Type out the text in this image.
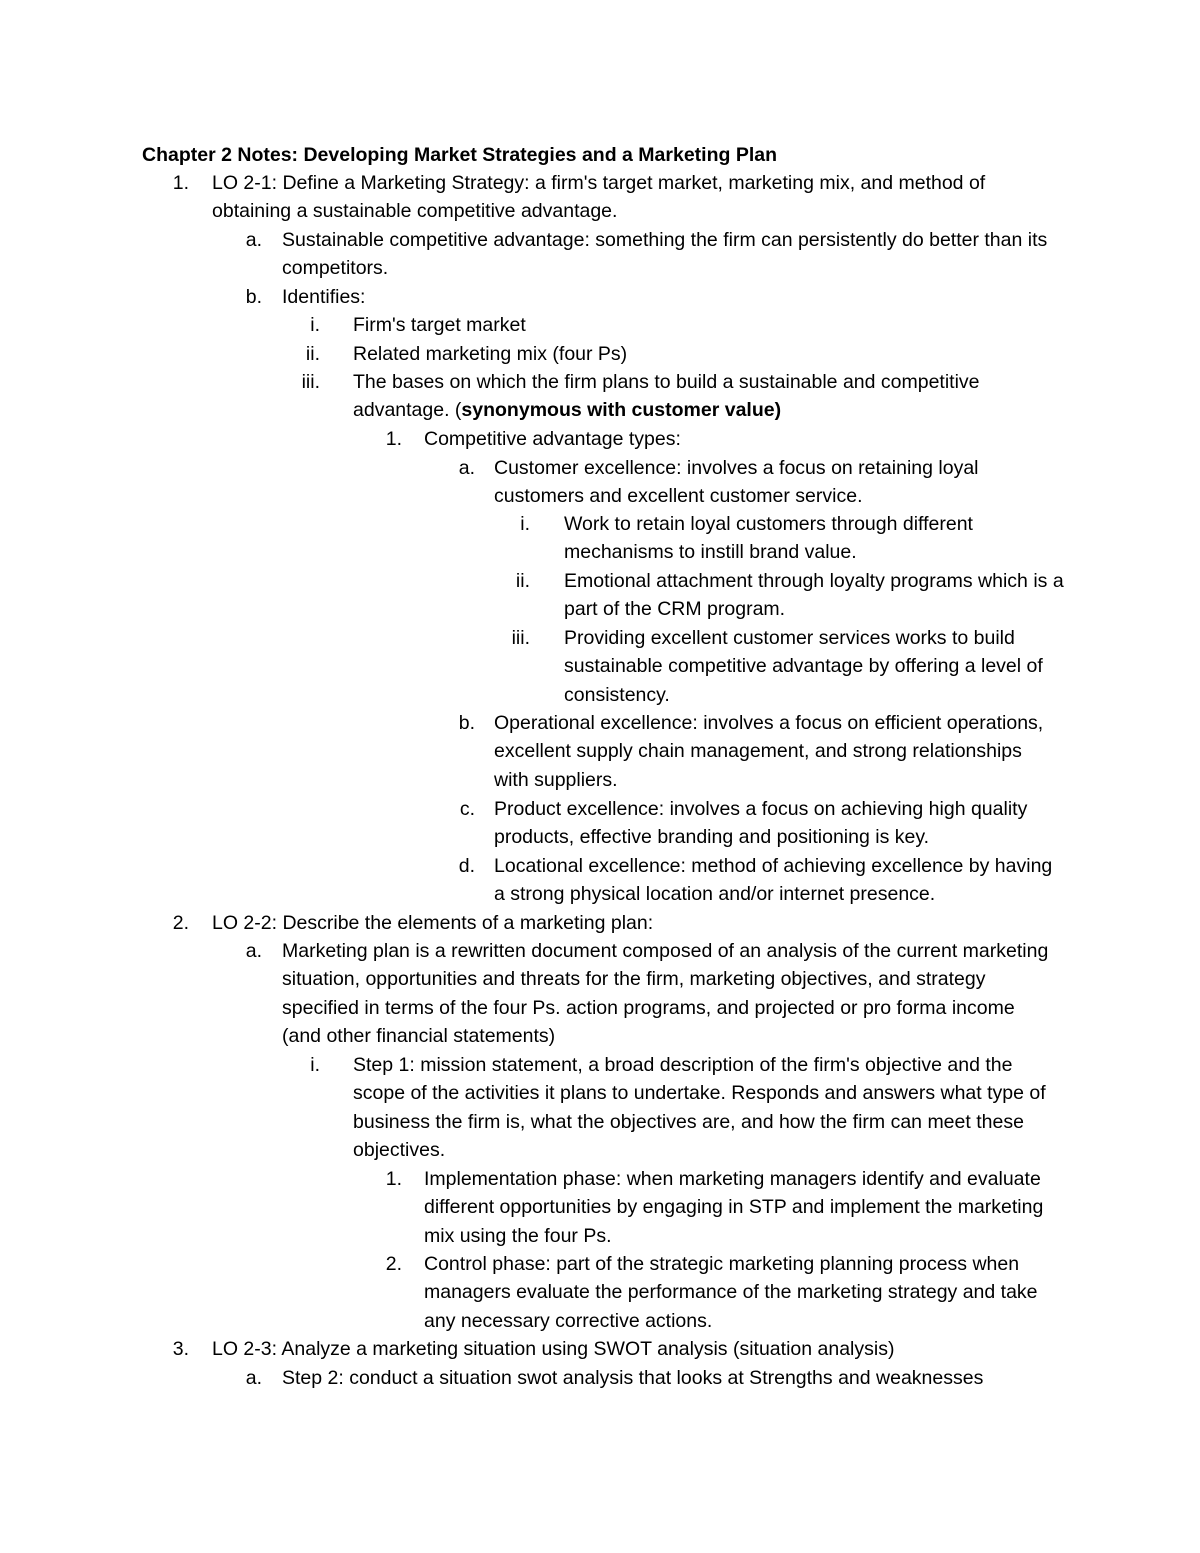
Chapter 2 Notes: Developing Market Strategies and a Marketing Plan
1. LO 2-1: Define a Marketing Strategy: a firm's target market, marketing mix, and method of obtaining a sustainable competitive advantage.
a. Sustainable competitive advantage: something the firm can persistently do better than its competitors.
b. Identifies:
i. Firm's target market
ii. Related marketing mix (four Ps)
iii. The bases on which the firm plans to build a sustainable and competitive advantage. (synonymous with customer value)
1. Competitive advantage types:
a. Customer excellence: involves a focus on retaining loyal customers and excellent customer service.
i. Work to retain loyal customers through different mechanisms to instill brand value.
ii. Emotional attachment through loyalty programs which is a part of the CRM program.
iii. Providing excellent customer services works to build sustainable competitive advantage by offering a level of consistency.
b. Operational excellence: involves a focus on efficient operations, excellent supply chain management, and strong relationships with suppliers.
c. Product excellence: involves a focus on achieving high quality products, effective branding and positioning is key.
d. Locational excellence: method of achieving excellence by having a strong physical location and/or internet presence.
2. LO 2-2: Describe the elements of a marketing plan:
a. Marketing plan is a rewritten document composed of an analysis of the current marketing situation, opportunities and threats for the firm, marketing objectives, and strategy specified in terms of the four Ps. action programs, and projected or pro forma income (and other financial statements)
i. Step 1: mission statement, a broad description of the firm's objective and the scope of the activities it plans to undertake. Responds and answers what type of business the firm is, what the objectives are, and how the firm can meet these objectives.
1. Implementation phase: when marketing managers identify and evaluate different opportunities by engaging in STP and implement the marketing mix using the four Ps.
2. Control phase: part of the strategic marketing planning process when managers evaluate the performance of the marketing strategy and take any necessary corrective actions.
3. LO 2-3: Analyze a marketing situation using SWOT analysis (situation analysis)
a. Step 2: conduct a situation swot analysis that looks at Strengths and weaknesses
